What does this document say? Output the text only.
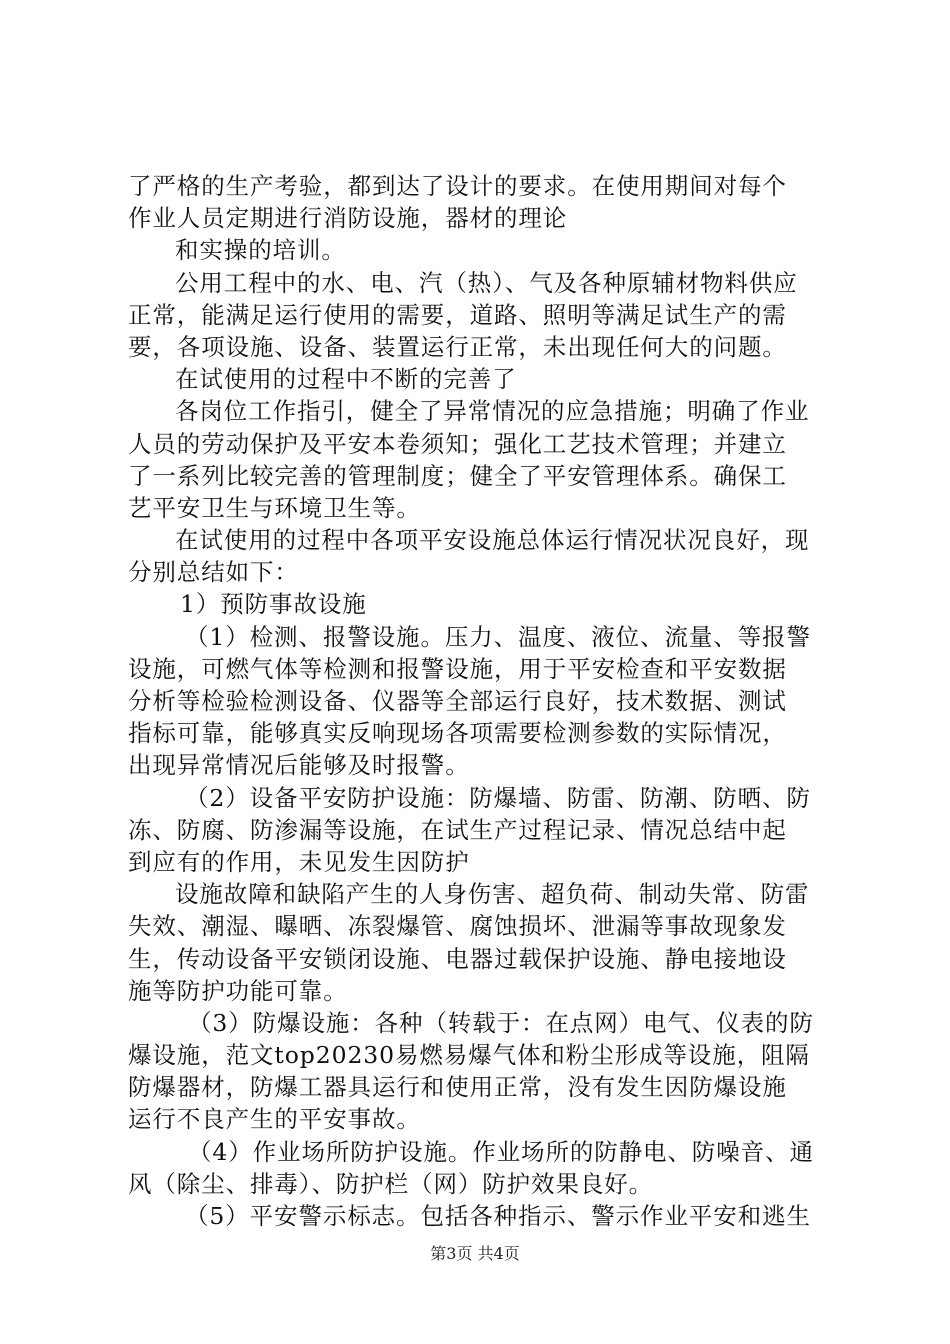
了严格的生产考验，都到达了设计的要求。在使用期间对每个
作业人员定期进行消防设施，器材的理论
和实操的培训。
公用工程中的水、电、汽（热）、气及各种原辅材物料供应
正常，能满足运行使用的需要，道路、照明等满足试生产的需
要，各项设施、设备、装置运行正常，未出现任何大的问题。
在试使用的过程中不断的完善了
各岗位工作指引，健全了异常情况的应急措施；明确了作业
人员的劳动保护及平安本卷须知；强化工艺技术管理；并建立
了一系列比较完善的管理制度；健全了平安管理体系。确保工
艺平安卫生与环境卫生等。
在试使用的过程中各项平安设施总体运行情况状况良好，现
分别总结如下：
1）预防事故设施
（1）检测、报警设施。压力、温度、液位、流量、等报警
设施，可燃气体等检测和报警设施，用于平安检查和平安数据
分析等检验检测设备、仪器等全部运行良好，技术数据、测试
指标可靠，能够真实反响现场各项需要检测参数的实际情况，
出现异常情况后能够及时报警。
（2）设备平安防护设施：防爆墙、防雷、防潮、防晒、防
冻、防腐、防渗漏等设施，在试生产过程记录、情况总结中起
到应有的作用，未见发生因防护
设施故障和缺陷产生的人身伤害、超负荷、制动失常、防雷
失效、潮湿、曝晒、冻裂爆管、腐蚀损坏、泄漏等事故现象发
生，传动设备平安锁闭设施、电器过载保护设施、静电接地设
施等防护功能可靠。
（3）防爆设施：各种（转载于：在点网）电气、仪表的防
爆设施，范文top20230易燃易爆气体和粉尘形成等设施，阻隔
防爆器材，防爆工器具运行和使用正常，没有发生因防爆设施
运行不良产生的平安事故。
（4）作业场所防护设施。作业场所的防静电、防噪音、通
风（除尘、排毒）、防护栏（网）防护效果良好。
（5）平安警示标志。包括各种指示、警示作业平安和逃生
第3页 共4页
